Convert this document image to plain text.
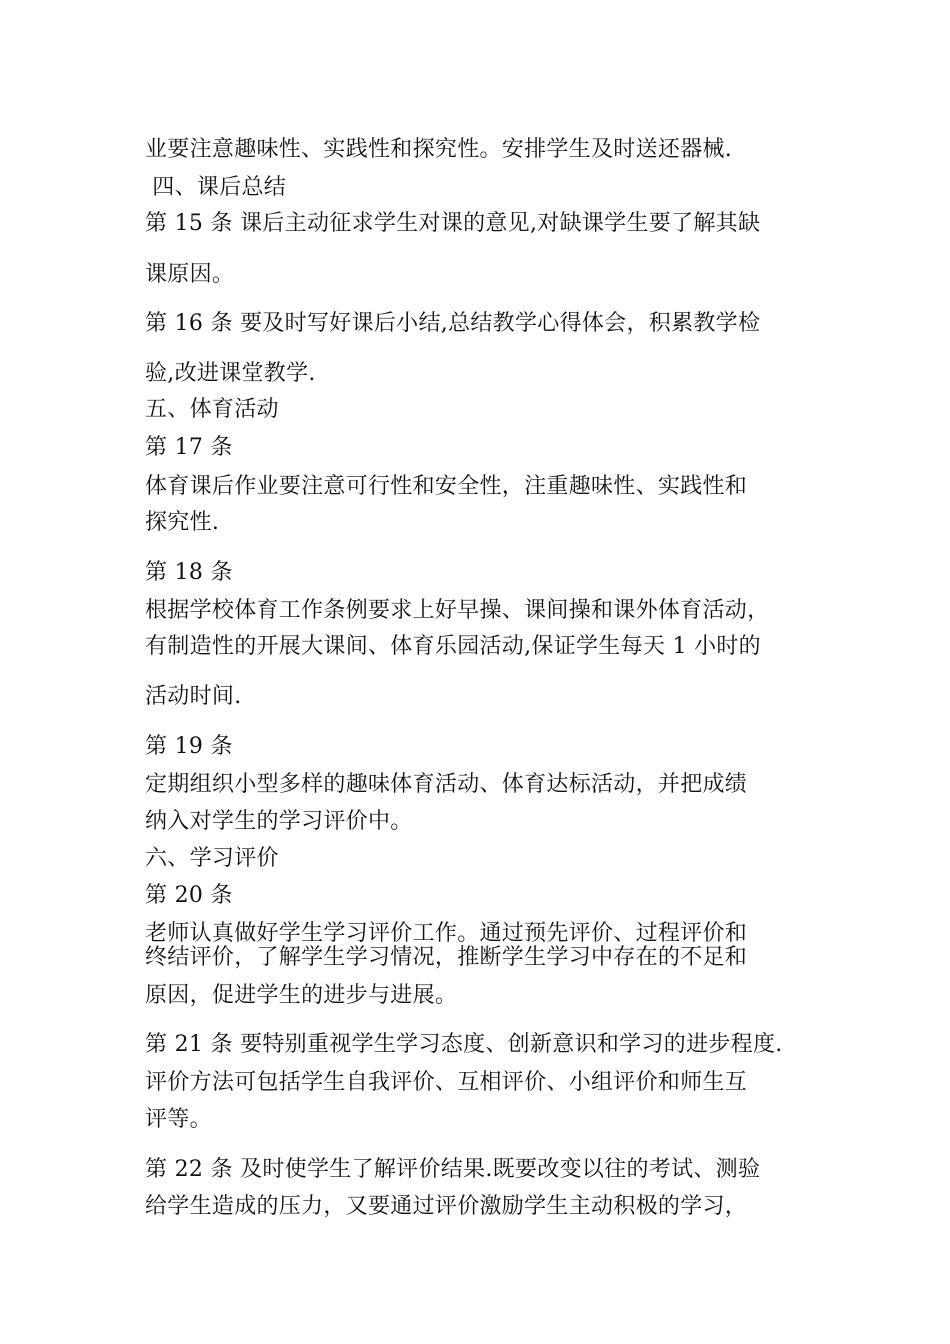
业要注意趣味性、实践性和探究性。安排学生及时送还器械.
四、课后总结
第 15 条 课后主动征求学生对课的意见,对缺课学生要了解其缺
课原因。
第 16 条 要及时写好课后小结,总结教学心得体会，积累教学检
验,改进课堂教学.
五、体育活动
第 17 条
体育课后作业要注意可行性和安全性，注重趣味性、实践性和
探究性.
第 18 条
根据学校体育工作条例要求上好早操、课间操和课外体育活动，
有制造性的开展大课间、体育乐园活动,保证学生每天 1 小时的
活动时间.
第 19 条
定期组织小型多样的趣味体育活动、体育达标活动，并把成绩
纳入对学生的学习评价中。
六、学习评价
第 20 条
老师认真做好学生学习评价工作。通过预先评价、过程评价和
终结评价，了解学生学习情况，推断学生学习中存在的不足和
原因，促进学生的进步与进展。
第 21 条 要特别重视学生学习态度、创新意识和学习的进步程度.
评价方法可包括学生自我评价、互相评价、小组评价和师生互
评等。
第 22 条 及时使学生了解评价结果.既要改变以往的考试、测验
给学生造成的压力，又要通过评价激励学生主动积极的学习，
